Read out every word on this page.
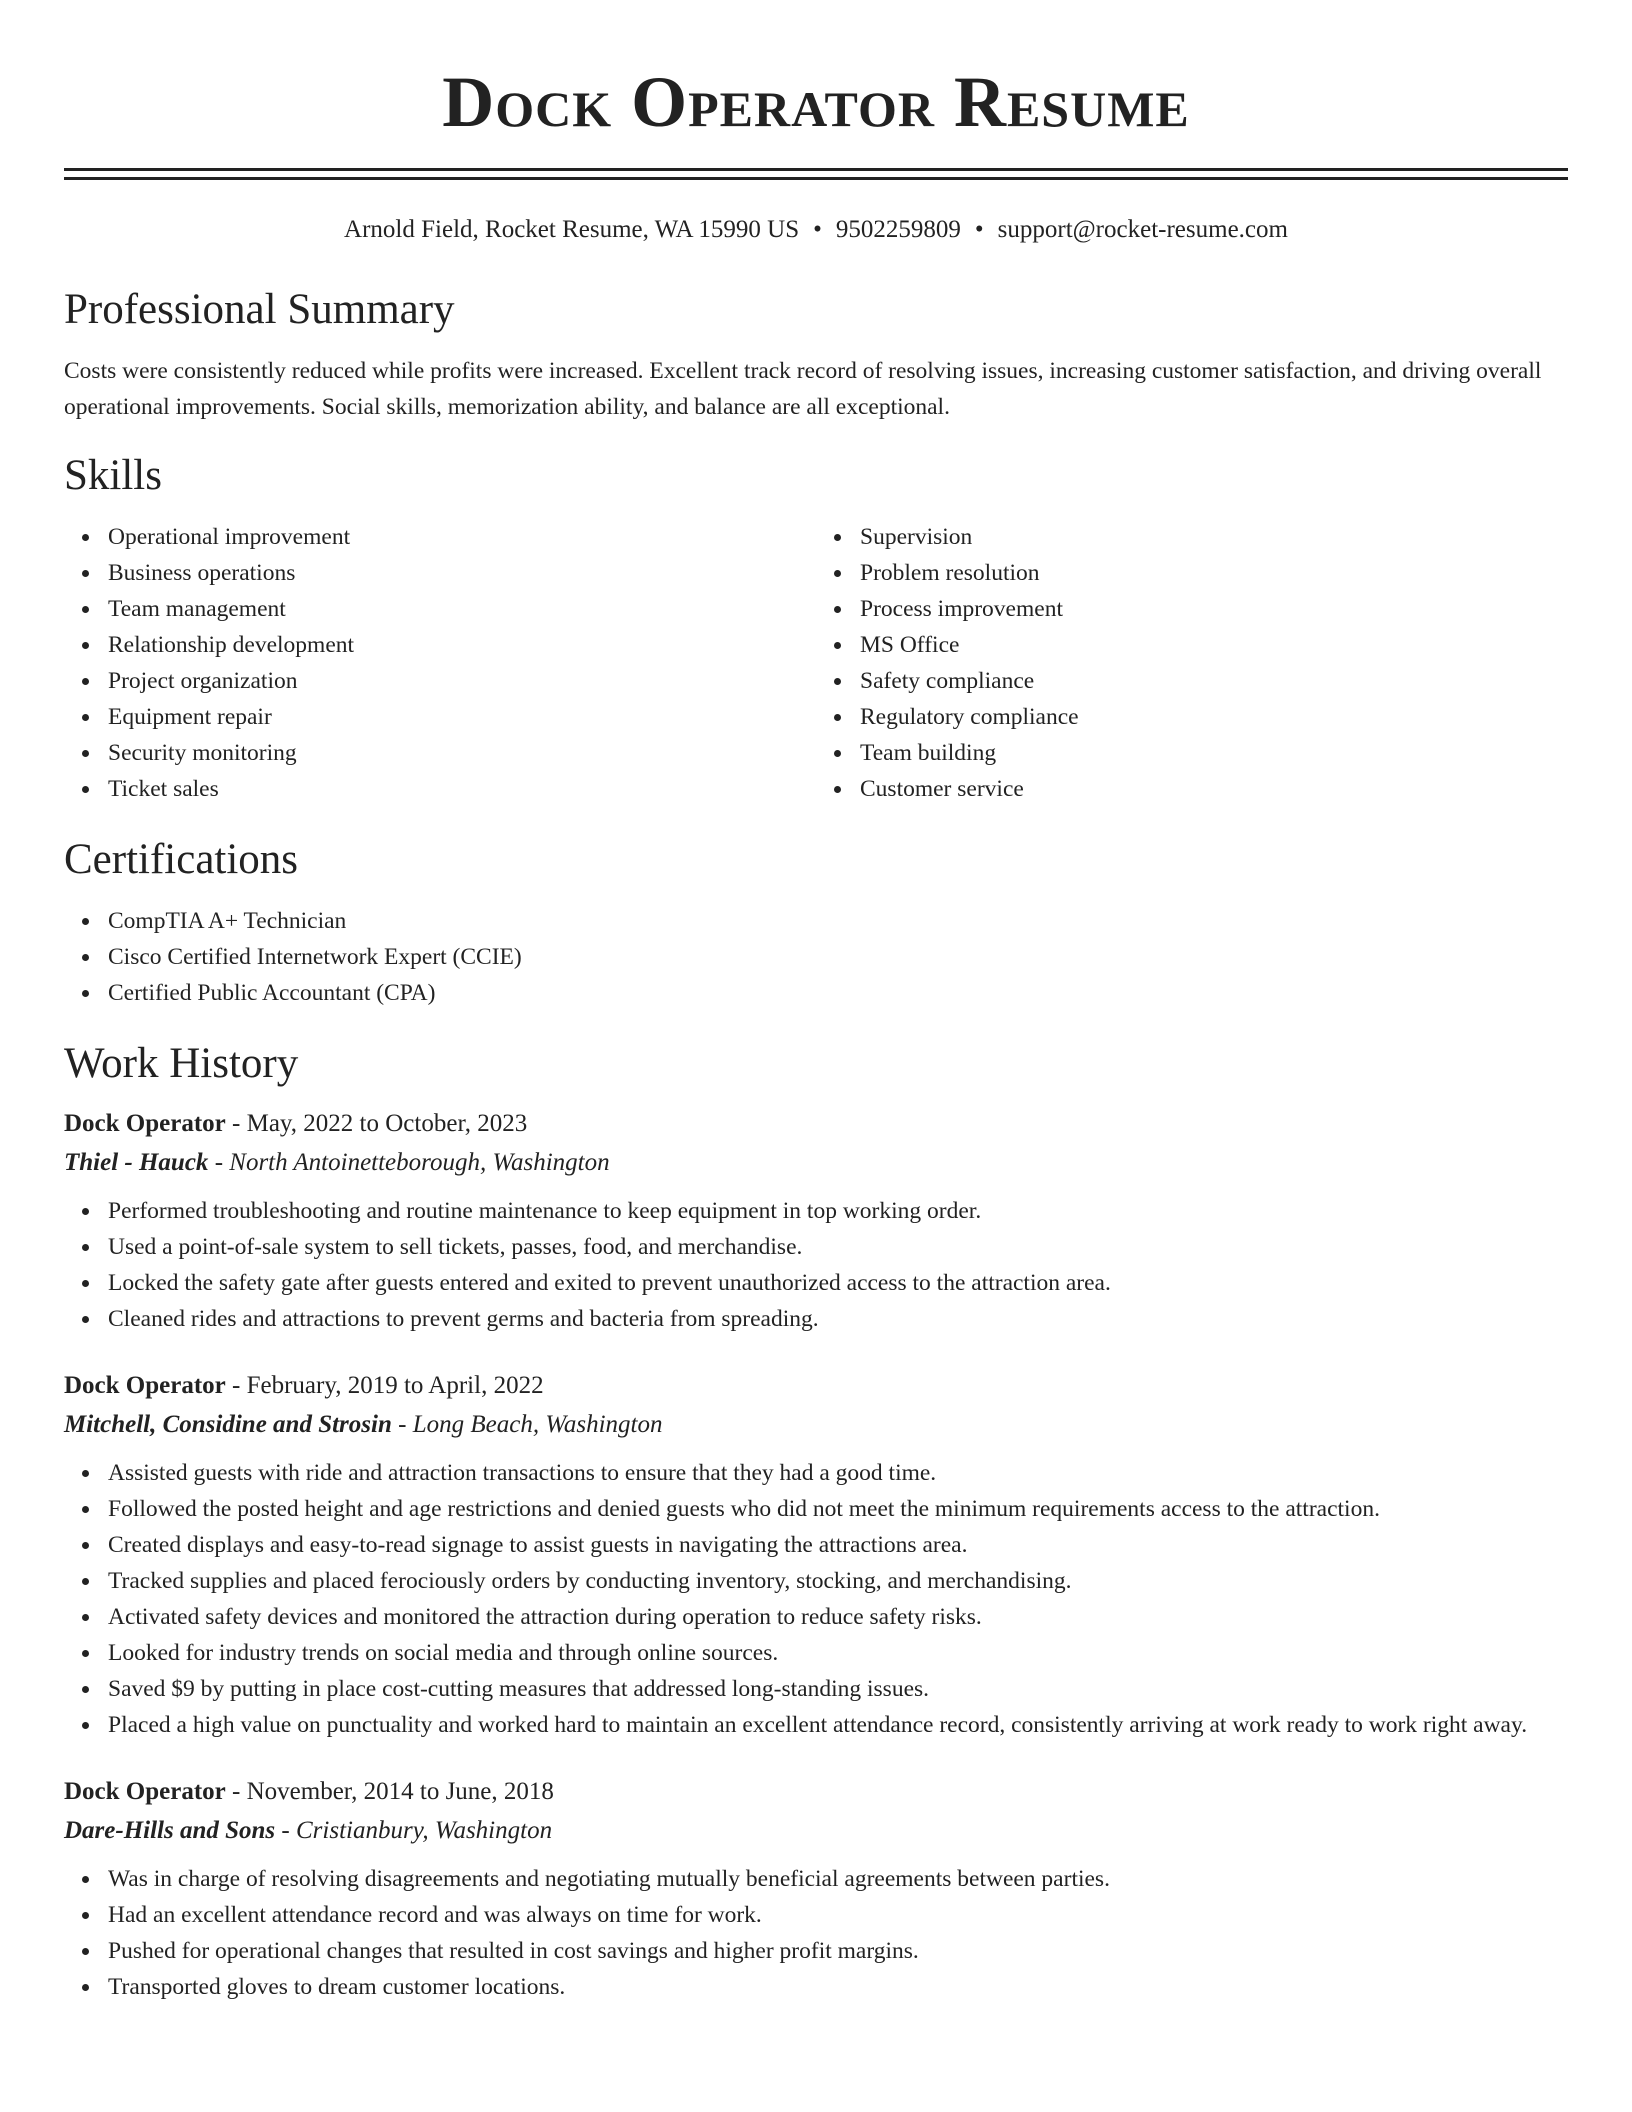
Dock Operator Resume
Arnold Field, Rocket Resume, WA 15990 US • 9502259809 • support@rocket-resume.com
Professional Summary

Costs were consistently reduced while profits were increased. Excellent track record of resolving issues, increasing customer satisfaction, and driving overall operational improvements. Social skills, memorization ability, and balance are all exceptional.

Skills
Operational improvement
Business operations
Team management
Relationship development
Project organization
Equipment repair
Security monitoring
Ticket sales
Supervision
Problem resolution
Process improvement
MS Office
Safety compliance
Regulatory compliance
Team building
Customer service
Certifications
CompTIA A+ Technician
Cisco Certified Internetwork Expert (CCIE)
Certified Public Accountant (CPA)
Work History
Dock Operator - May, 2022 to October, 2023
Thiel - Hauck - North Antoinetteborough, Washington
Performed troubleshooting and routine maintenance to keep equipment in top working order.
Used a point-of-sale system to sell tickets, passes, food, and merchandise.
Locked the safety gate after guests entered and exited to prevent unauthorized access to the attraction area.
Cleaned rides and attractions to prevent germs and bacteria from spreading.
Dock Operator - February, 2019 to April, 2022
Mitchell, Considine and Strosin - Long Beach, Washington
Assisted guests with ride and attraction transactions to ensure that they had a good time.
Followed the posted height and age restrictions and denied guests who did not meet the minimum requirements access to the attraction.
Created displays and easy-to-read signage to assist guests in navigating the attractions area.
Tracked supplies and placed ferociously orders by conducting inventory, stocking, and merchandising.
Activated safety devices and monitored the attraction during operation to reduce safety risks.
Looked for industry trends on social media and through online sources.
Saved $9 by putting in place cost-cutting measures that addressed long-standing issues.
Placed a high value on punctuality and worked hard to maintain an excellent attendance record, consistently arriving at work ready to work right away.
Dock Operator - November, 2014 to June, 2018
Dare-Hills and Sons - Cristianbury, Washington
Was in charge of resolving disagreements and negotiating mutually beneficial agreements between parties.
Had an excellent attendance record and was always on time for work.
Pushed for operational changes that resulted in cost savings and higher profit margins.
Transported gloves to dream customer locations.
